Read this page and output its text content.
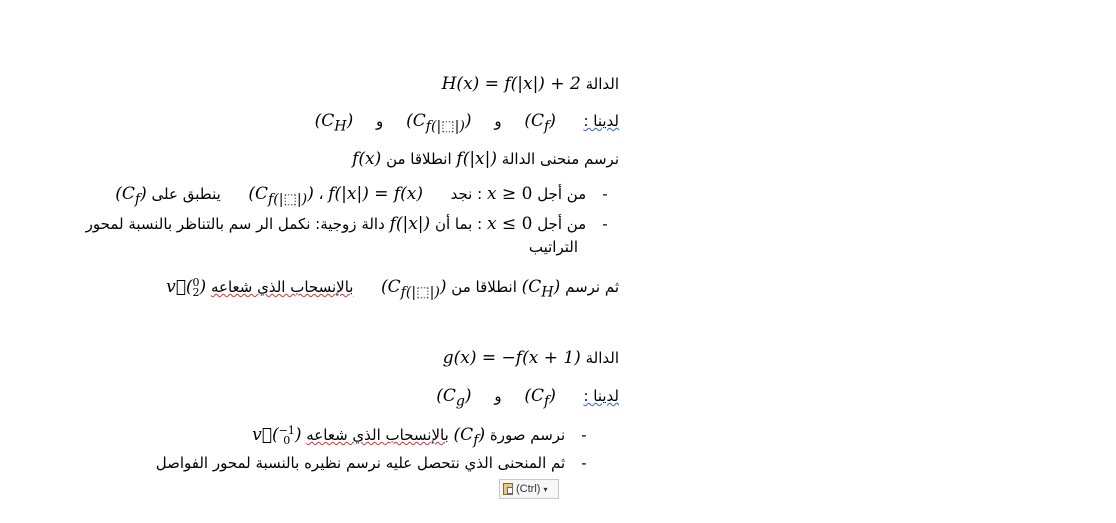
الدالة H(x) = f(|x|) + 2
لدينا :  $(C_f)$ و $(C_{f(|⬚|)})$ و $(C_H)$
نرسم منحنى الدالة f(|x|) انطلاقا من f(x)
- من أجل x ≥ 0 : نجد  f(|x|) = f(x) ، $(C_{f(|⬚|)})$  ينطبق على $(C_f)$
- من أجل x ≤ 0 : بما أن f(|x|) دالة زوجية: نكمل الر سم بالتناظر بالنسبة لمحور
التراتيب
ثم نرسم $(C_H)$ انطلاقا من $(C_{f(|⬚|)})$  بالإنسحاب الذي شعاعه v⃗( 0
2 )
الدالة g(x) = −f(x + 1)
لدينا :  $(C_f)$ و $(C_g)$
- نرسم صورة $(C_f)$ بالإنسحاب الذي شعاعه v⃗( −1
0 )
- ثم المنحنى الذي نتحصل عليه نرسم نظيره بالنسبة لمحور الفواصل
(Ctrl) ▾
